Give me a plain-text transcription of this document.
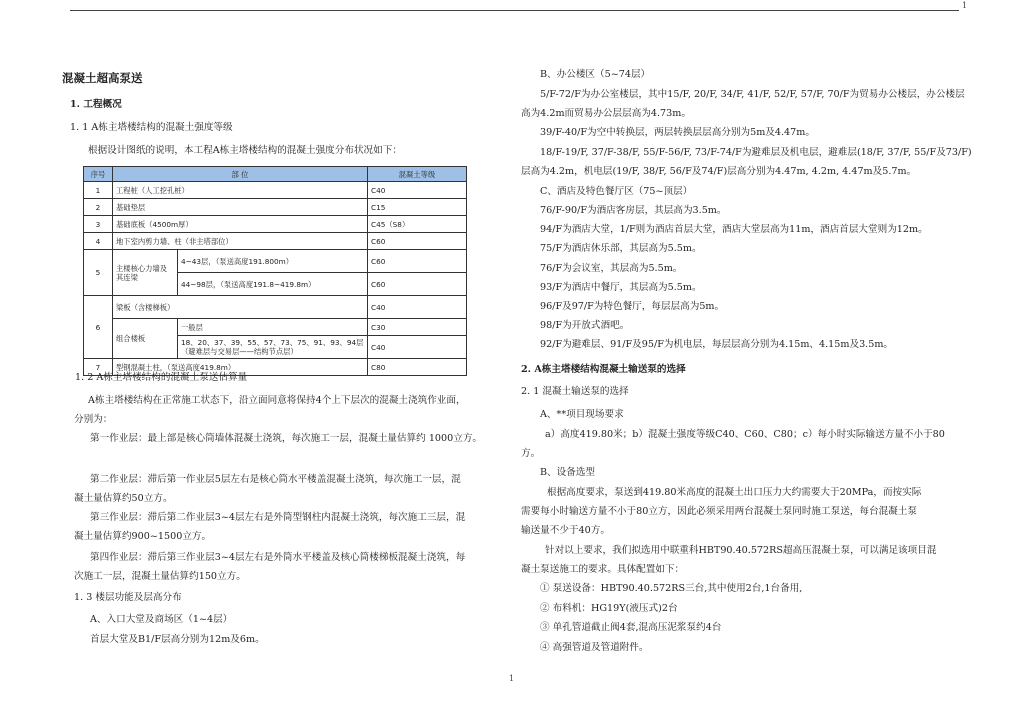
1
混凝土超高泵送
1. 工程概况
1. 1 A栋主塔楼结构的混凝土强度等级
根据设计图纸的说明，本工程A栋主塔楼结构的混凝土强度分布状况如下：
序号	部 位		混凝土等级
1	工程桩（人工挖孔桩）		C40
2	基础垫层		C15
3	基础底板（4500m厚）		C45（S8）
4	地下室内剪力墙、柱（非主塔部位）		C60
5	主楼核心力墙及其连梁	4~43层，（泵送高度191.800m）	C60
		44~98层，（泵送高度191.8~419.8m）	C60
6	梁板（含楼梯板）		C40
	组合楼板	一般层	C30
		18、20、37、39、55、57、73、75、91、93、94层（避难层与交易层——结构节点层）	C40
7	型钢混凝土柱，（泵送高度419.8m）		C80
1. 2 A栋主塔楼结构的混凝土泵送估算量
A栋主塔楼结构在正常施工状态下，沿立面同意将保持4个上下层次的混凝土浇筑作业面，
分别为：
第一作业层：最上部是核心筒墙体混凝土浇筑，每次施工一层，混凝土量估算约 1000立方。
第二作业层：滞后第一作业层5层左右是核心筒水平楼盖混凝土浇筑，每次施工一层，混
凝土量估算约50立方。
第三作业层：滞后第二作业层3~4层左右是外筒型钢柱内混凝土浇筑，每次施工三层，混
凝土量估算约900~1500立方。
第四作业层：滞后第三作业层3~4层左右是外筒水平楼盖及核心筒楼梯板混凝土浇筑，每
次施工一层，混凝土量估算约150立方。
1. 3 楼层功能及层高分布
A、入口大堂及商场区（1~4层）
首层大堂及B1/F层高分别为12m及6m。
B、办公楼区（5~74层）
5/F-72/F为办公室楼层，其中15/F, 20/F, 34/F, 41/F, 52/F, 57/F, 70/F为贸易办公楼层，办公楼层
高为4.2m而贸易办公层层高为4.73m。
39/F-40/F为空中转换层，两层转换层层高分别为5m及4.47m。
18/F-19/F, 37/F-38/F, 55/F-56/F, 73/F-74/F为避难层及机电层，避难层(18/F, 37/F, 55/F及73/F)
层高为4.2m，机电层(19/F, 38/F, 56/F及74/F)层高分别为4.47m, 4.2m, 4.47m及5.7m。
C、酒店及特色餐厅区（75~顶层）
76/F-90/F为酒店客房层，其层高为3.5m。
94/F为酒店大堂，1/F则为酒店首层大堂，酒店大堂层高为11m，酒店首层大堂则为12m。
75/F为酒店休乐部，其层高为5.5m。
76/F为会议室，其层高为5.5m。
93/F为酒店中餐厅，其层高为5.5m。
96/F及97/F为特色餐厅，每层层高为5m。
98/F为开放式酒吧。
92/F为避难层、91/F及95/F为机电层，每层层高分别为4.15m、4.15m及3.5m。
2. A栋主塔楼结构混凝土输送泵的选择
2. 1 混凝土输送泵的选择
A、**项目现场要求
a）高度419.80米；b）混凝土强度等级C40、C60、C80；c）每小时实际输送方量不小于80
方。
B、设备选型
根据高度要求，泵送到419.80米高度的混凝土出口压力大约需要大于20MPa，而按实际
需要每小时输送方量不小于80立方，因此必须采用两台混凝土泵同时施工泵送，每台混凝土泵
输送量不少于40方。
针对以上要求，我们拟选用中联重科HBT90.40.572RS超高压混凝土泵，可以满足该项目混
凝土泵送施工的要求。具体配置如下：
① 泵送设备：HBT90.40.572RS三台,其中使用2台,1台备用,
② 布料机：HG19Y(液压式)2台
③ 单孔管道截止阀4套,混高压泥浆泵约4台
④ 高强管道及管道附件。
1
